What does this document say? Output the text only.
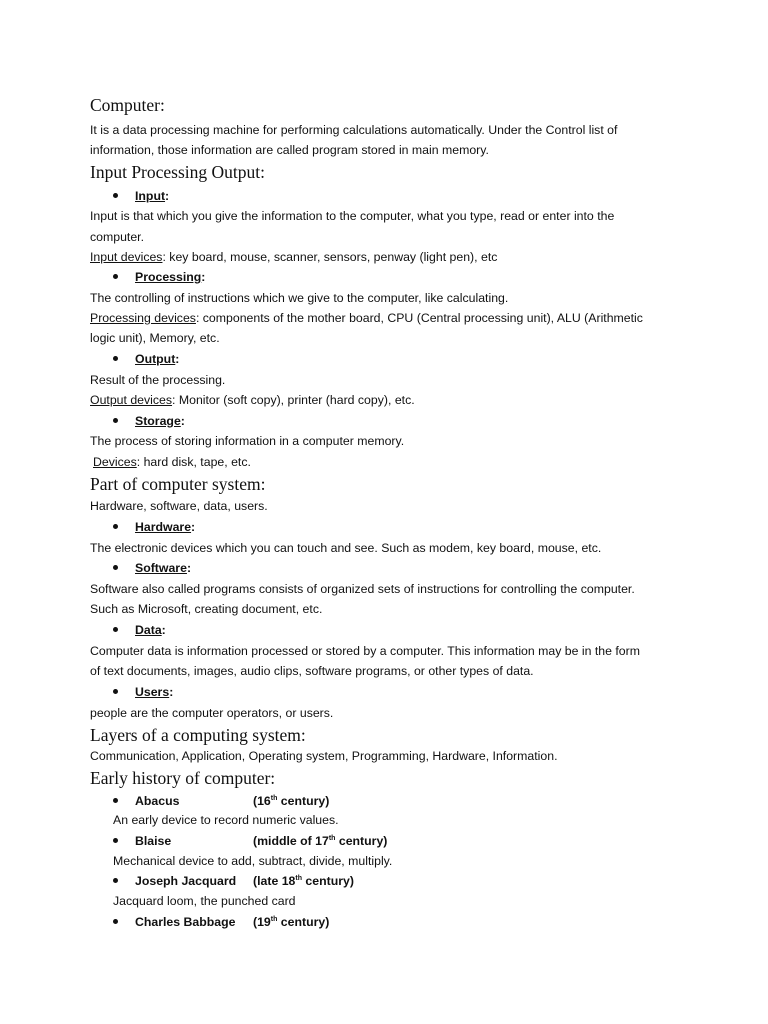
Computer:
It is a data processing machine for performing calculations automatically. Under the Control list of
information, those information are called program stored in main memory.
Input Processing Output:
Input:
Input is that which you give the information to the computer, what you type, read or enter into the
computer.
Input devices: key board, mouse, scanner, sensors, penway (light pen), etc
Processing:
The controlling of instructions which we give to the computer, like calculating.
Processing devices: components of the mother board, CPU (Central processing unit), ALU (Arithmetic
logic unit), Memory, etc.
Output:
Result of the processing.
Output devices: Monitor (soft copy), printer (hard copy), etc.
Storage:
The process of storing information in a computer memory.
Devices: hard disk, tape, etc.
Part of computer system:
Hardware, software, data, users.
Hardware:
The electronic devices which you can touch and see. Such as modem, key board, mouse, etc.
Software:
Software also called programs consists of organized sets of instructions for controlling the computer.
Such as Microsoft, creating document, etc.
Data:
Computer data is information processed or stored by a computer. This information may be in the form
of text documents, images, audio clips, software programs, or other types of data.
Users:
people are the computer operators, or users.
Layers of a computing system:
Communication, Application, Operating system, Programming, Hardware, Information.
Early history of computer:
Abacus	(16th century)
An early device to record numeric values.
Blaise	(middle of 17th century)
Mechanical device to add, subtract, divide, multiply.
Joseph Jacquard (late 18th century)
Jacquard loom, the punched card
Charles Babbage (19th century)
